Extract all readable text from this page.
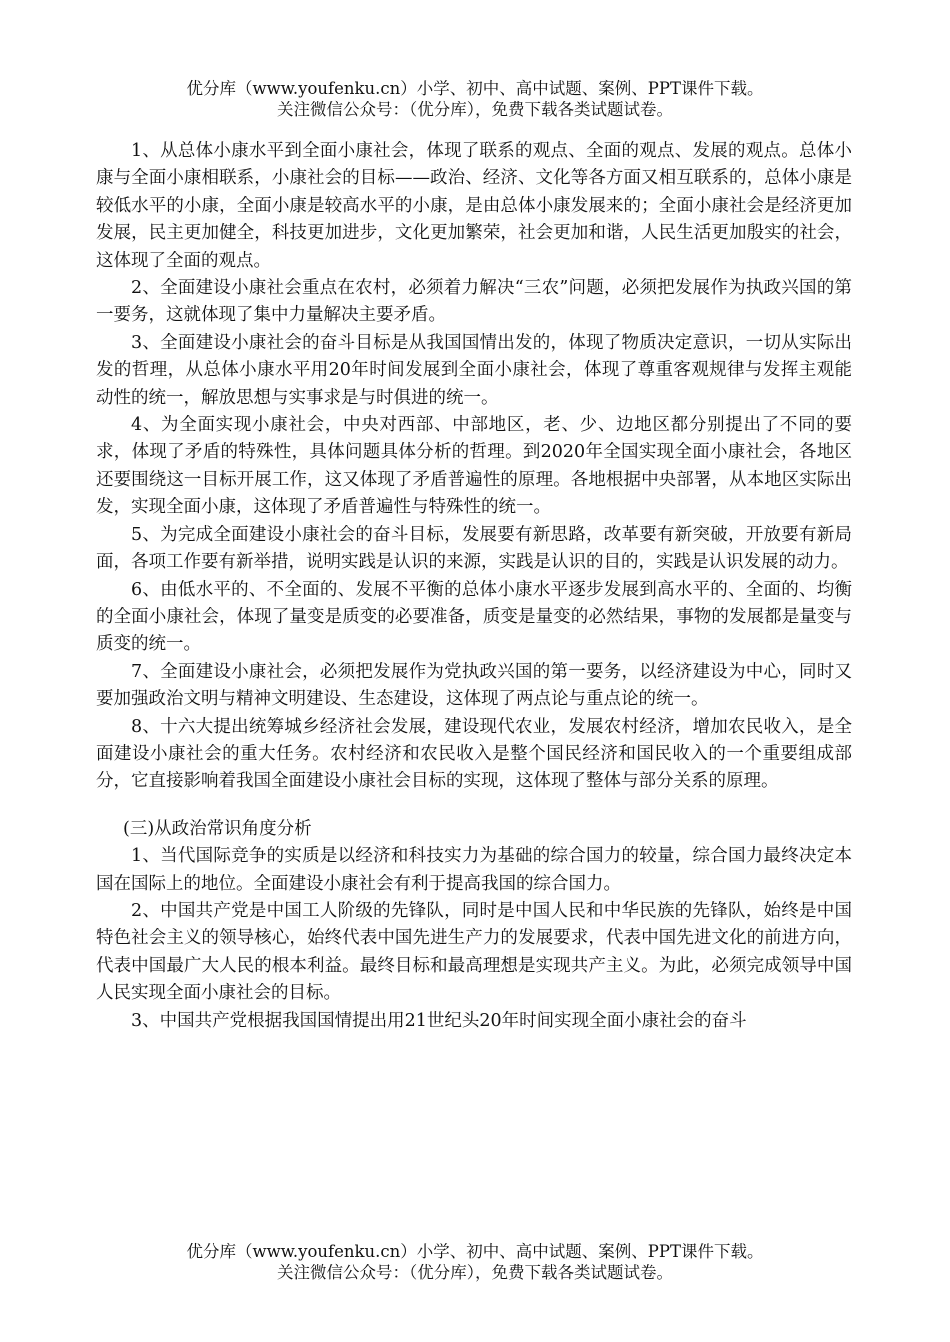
优分库（www.youfenku.cn）小学、初中、高中试题、案例、PPT课件下载。
关注微信公众号：（优分库），免费下载各类试题试卷。

1、从总体小康水平到全面小康社会，体现了联系的观点、全面的观点、发展的观点。总体小康与全面小康相联系，小康社会的目标——政治、经济、文化等各方面又相互联系的，总体小康是较低水平的小康，全面小康是较高水平的小康，是由总体小康发展来的；全面小康社会是经济更加发展，民主更加健全，科技更加进步，文化更加繁荣，社会更加和谐，人民生活更加殷实的社会，这体现了全面的观点。

2、全面建设小康社会重点在农村，必须着力解决“三农”问题，必须把发展作为执政兴国的第一要务，这就体现了集中力量解决主要矛盾。

3、全面建设小康社会的奋斗目标是从我国国情出发的，体现了物质决定意识，一切从实际出发的哲理，从总体小康水平用20年时间发展到全面小康社会，体现了尊重客观规律与发挥主观能动性的统一，解放思想与实事求是与时俱进的统一。

4、为全面实现小康社会，中央对西部、中部地区，老、少、边地区都分别提出了不同的要求，体现了矛盾的特殊性，具体问题具体分析的哲理。到2020年全国实现全面小康社会，各地区还要围绕这一目标开展工作，这又体现了矛盾普遍性的原理。各地根据中央部署，从本地区实际出发，实现全面小康，这体现了矛盾普遍性与特殊性的统一。

5、为完成全面建设小康社会的奋斗目标，发展要有新思路，改革要有新突破，开放要有新局面，各项工作要有新举措，说明实践是认识的来源，实践是认识的目的，实践是认识发展的动力。

6、由低水平的、不全面的、发展不平衡的总体小康水平逐步发展到高水平的、全面的、均衡的全面小康社会，体现了量变是质变的必要准备，质变是量变的必然结果，事物的发展都是量变与质变的统一。

7、全面建设小康社会，必须把发展作为党执政兴国的第一要务，以经济建设为中心，同时又要加强政治文明与精神文明建设、生态建设，这体现了两点论与重点论的统一。

8、十六大提出统筹城乡经济社会发展，建设现代农业，发展农村经济，增加农民收入，是全面建设小康社会的重大任务。农村经济和农民收入是整个国民经济和国民收入的一个重要组成部分，它直接影响着我国全面建设小康社会目标的实现，这体现了整体与部分关系的原理。

(三)从政治常识角度分析

1、当代国际竞争的实质是以经济和科技实力为基础的综合国力的较量，综合国力最终决定本国在国际上的地位。全面建设小康社会有利于提高我国的综合国力。

2、中国共产党是中国工人阶级的先锋队，同时是中国人民和中华民族的先锋队，始终是中国特色社会主义的领导核心，始终代表中国先进生产力的发展要求，代表中国先进文化的前进方向，代表中国最广大人民的根本利益。最终目标和最高理想是实现共产主义。为此，必须完成领导中国人民实现全面小康社会的目标。

3、中国共产党根据我国国情提出用21世纪头20年时间实现全面小康社会的奋斗

优分库（www.youfenku.cn）小学、初中、高中试题、案例、PPT课件下载。
关注微信公众号：（优分库），免费下载各类试题试卷。
